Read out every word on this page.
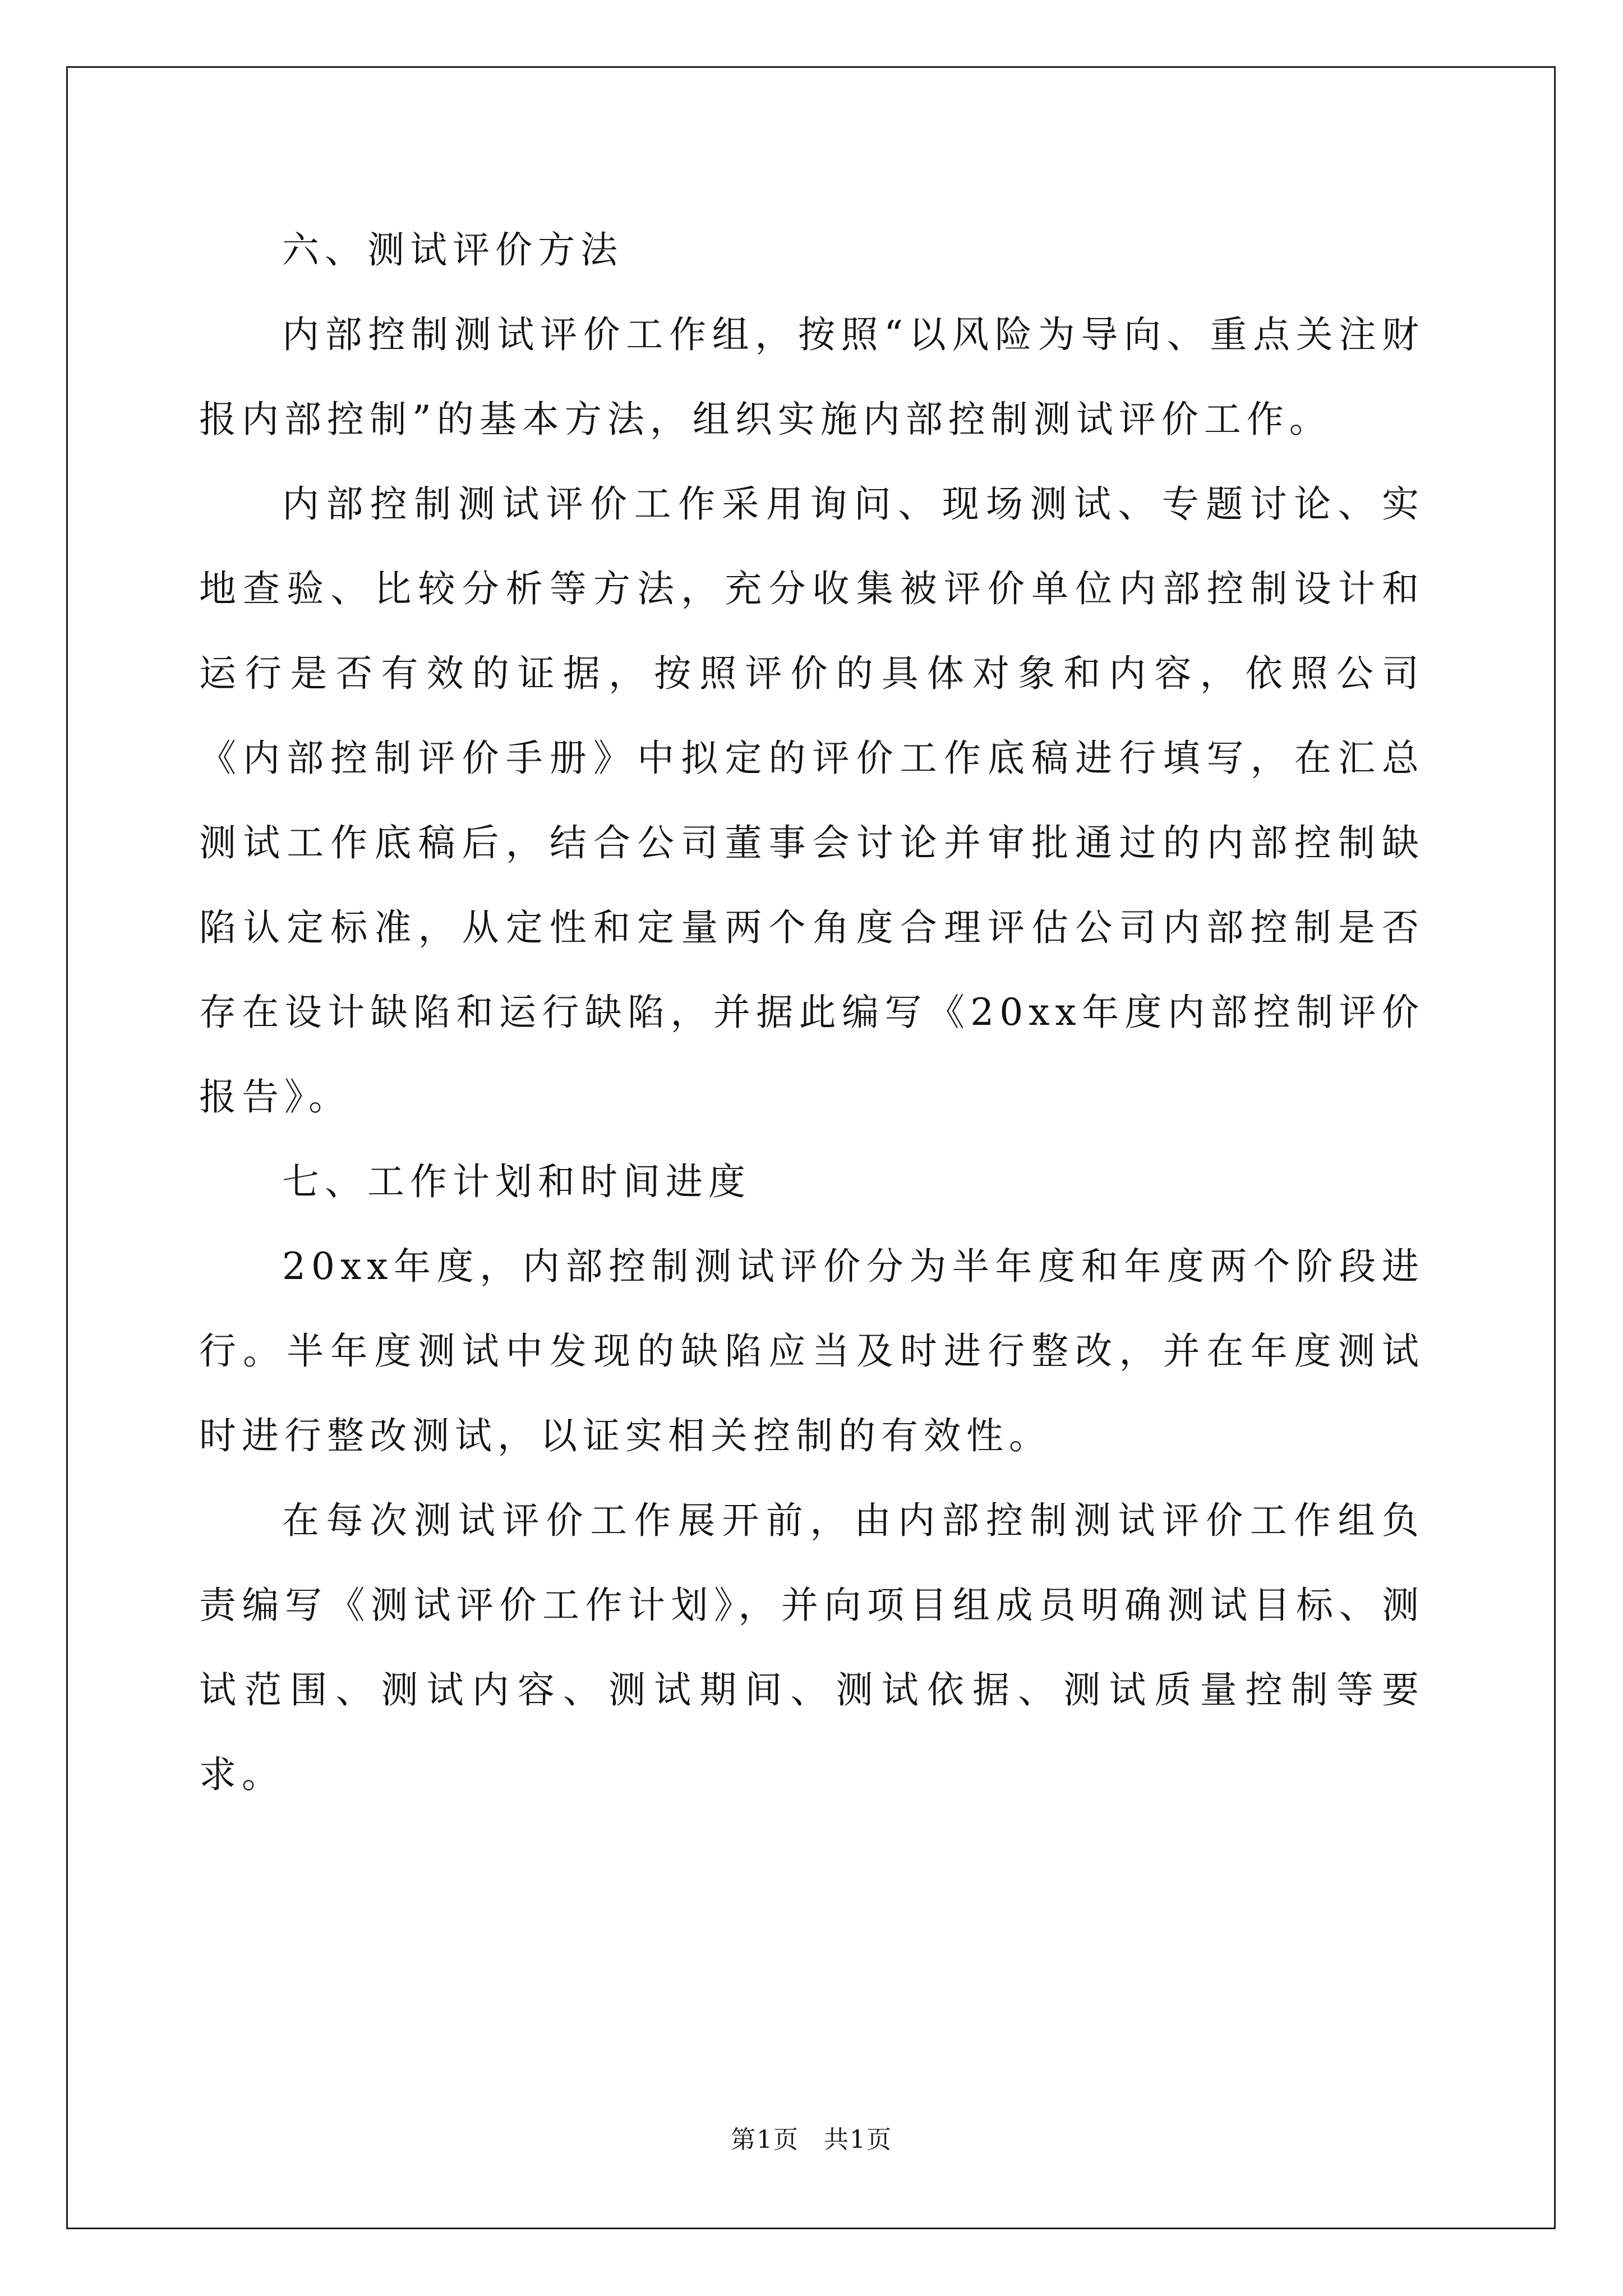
六、测试评价方法

内部控制测试评价工作组，按照“以风险为导向、重点关注财报内部控制”的基本方法，组织实施内部控制测试评价工作。

内部控制测试评价工作采用询问、现场测试、专题讨论、实地查验、比较分析等方法，充分收集被评价单位内部控制设计和运行是否有效的证据，按照评价的具体对象和内容，依照公司《内部控制评价手册》中拟定的评价工作底稿进行填写，在汇总测试工作底稿后，结合公司董事会讨论并审批通过的内部控制缺陷认定标准，从定性和定量两个角度合理评估公司内部控制是否存在设计缺陷和运行缺陷，并据此编写《20xx年度内部控制评价报告》。

七、工作计划和时间进度

20xx年度，内部控制测试评价分为半年度和年度两个阶段进行。半年度测试中发现的缺陷应当及时进行整改，并在年度测试时进行整改测试，以证实相关控制的有效性。

在每次测试评价工作展开前，由内部控制测试评价工作组负责编写《测试评价工作计划》，并向项目组成员明确测试目标、测试范围、测试内容、测试期间、测试依据、测试质量控制等要求。

第1页 共1页
